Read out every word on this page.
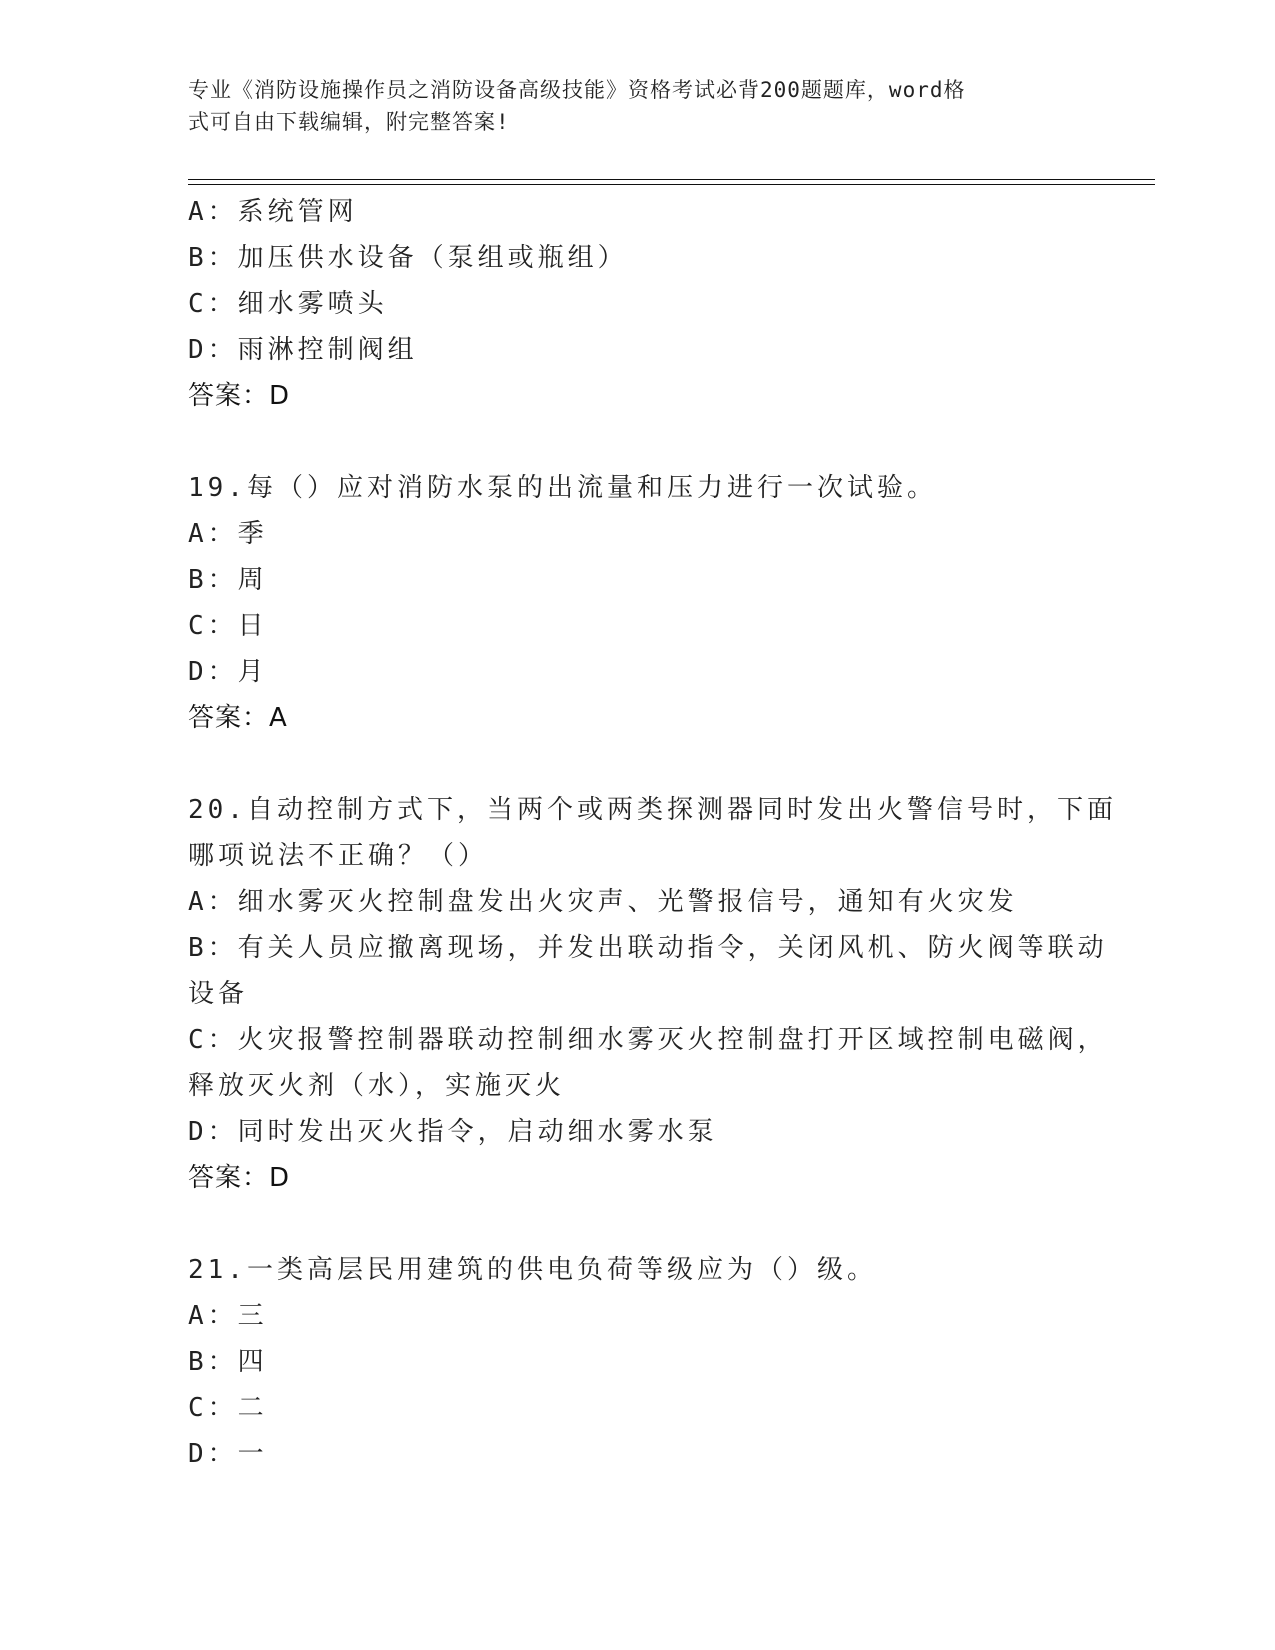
专业《消防设施操作员之消防设备高级技能》资格考试必背200题题库，word格
式可自由下载编辑，附完整答案!
A：系统管网
B：加压供水设备（泵组或瓶组）
C：细水雾喷头
D：雨淋控制阀组
答案：D
19.每（）应对消防水泵的出流量和压力进行一次试验。
A：季
B：周
C：日
D：月
答案：A
20.自动控制方式下，当两个或两类探测器同时发出火警信号时，下面
哪项说法不正确？（）
A：细水雾灭火控制盘发出火灾声、光警报信号，通知有火灾发
B：有关人员应撤离现场，并发出联动指令，关闭风机、防火阀等联动
设备
C：火灾报警控制器联动控制细水雾灭火控制盘打开区域控制电磁阀，
释放灭火剂（水），实施灭火
D：同时发出灭火指令，启动细水雾水泵
答案：D
21.一类高层民用建筑的供电负荷等级应为（）级。
A：三
B：四
C：二
D：一
